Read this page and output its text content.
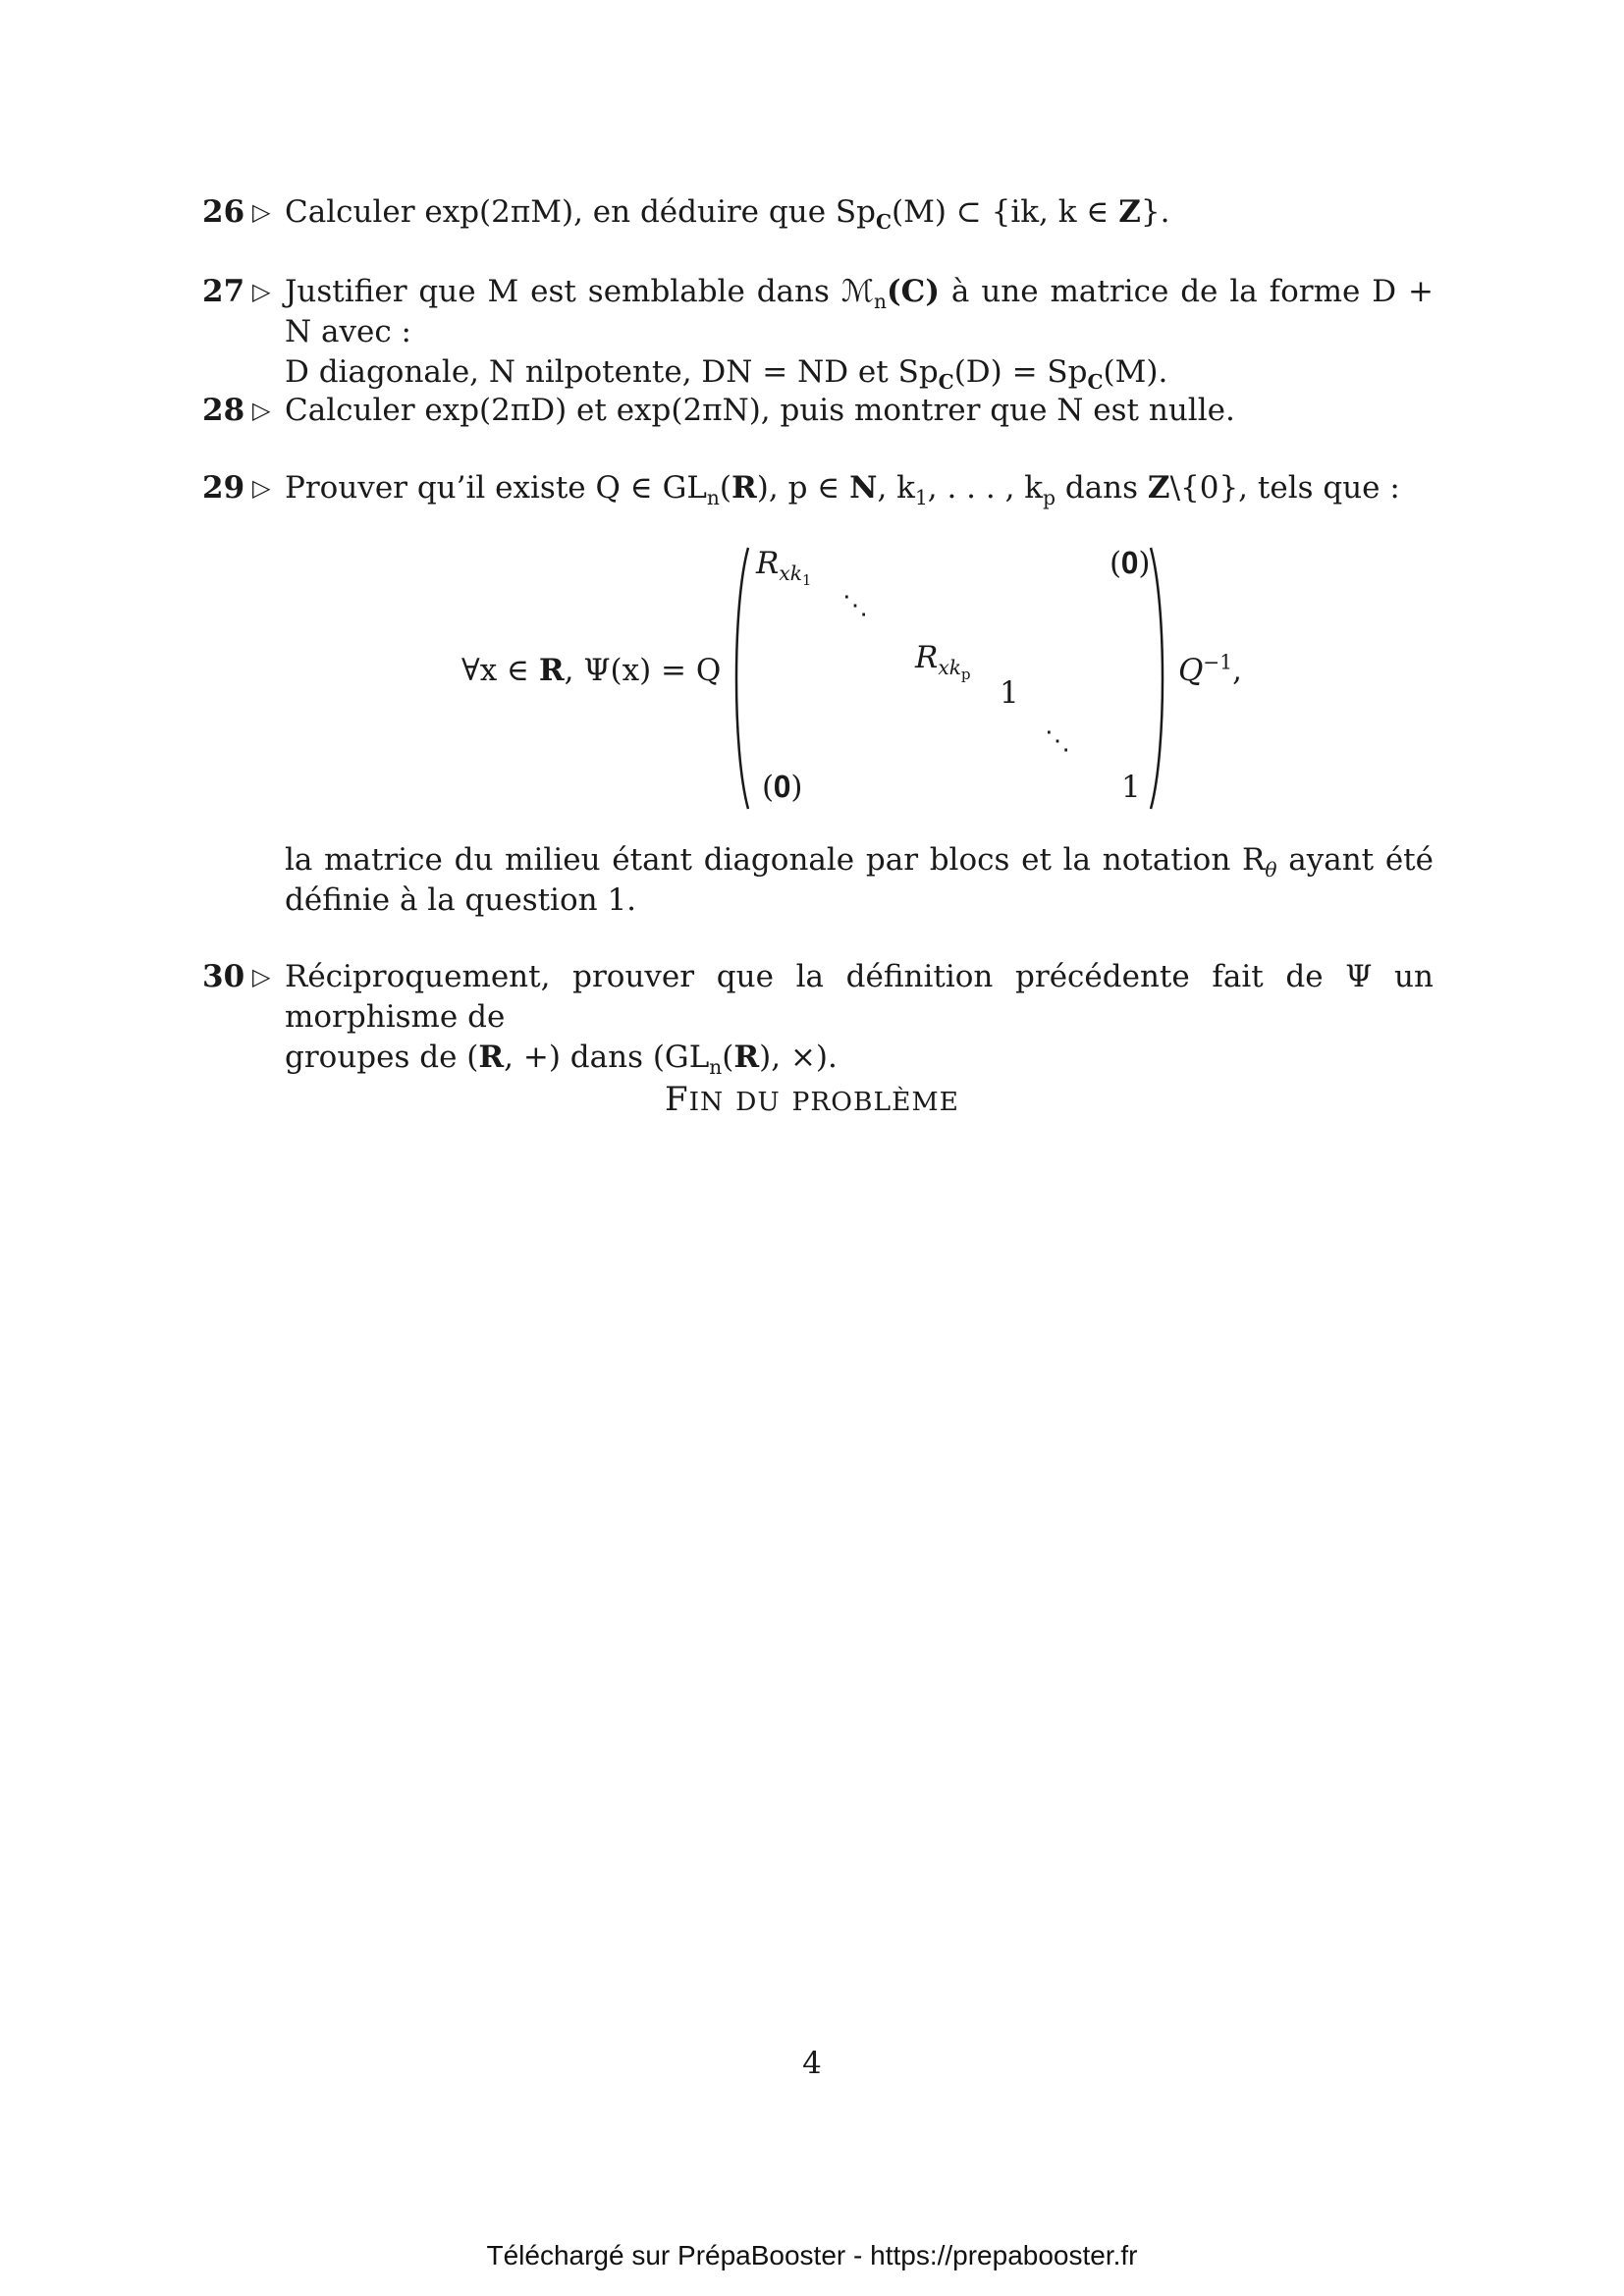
26 ▷ Calculer exp(2πM), en déduire que $Sp_C(M)$ ⊂ {ik, k ∈ Z}.
27 ▷ Justifier que M est semblable dans ℳ$_n$(C) à une matrice de la forme D + N avec :
D diagonale, N nilpotente, DN = ND et $Sp_C(D) = Sp_C(M)$.
28 ▷ Calculer exp(2πD) et exp(2πN), puis montrer que N est nulle.
29 ▷ Prouver qu’il existe Q ∈ $GL_n(R)$, p ∈ N, $k_1$, . . . , $k_p$ dans Z\{0}, tels que :
∀x ∈ R, Ψ(x) = Q
$R_{xk_1}$	(𝟎)
⋱
$R_{xk_p}$
1
⋱
(𝟎)	1
$Q^{-1}$,
la matrice du milieu étant diagonale par blocs et la notation $R_\theta$ ayant été définie à la question 1.
30 ▷ Réciproquement, prouver que la définition précédente fait de Ψ un morphisme de
groupes de (R, +) dans ($GL_n(R)$, ×).
FIN DU PROBLÈME
4
Téléchargé sur PrépaBooster - https://prepabooster.fr
